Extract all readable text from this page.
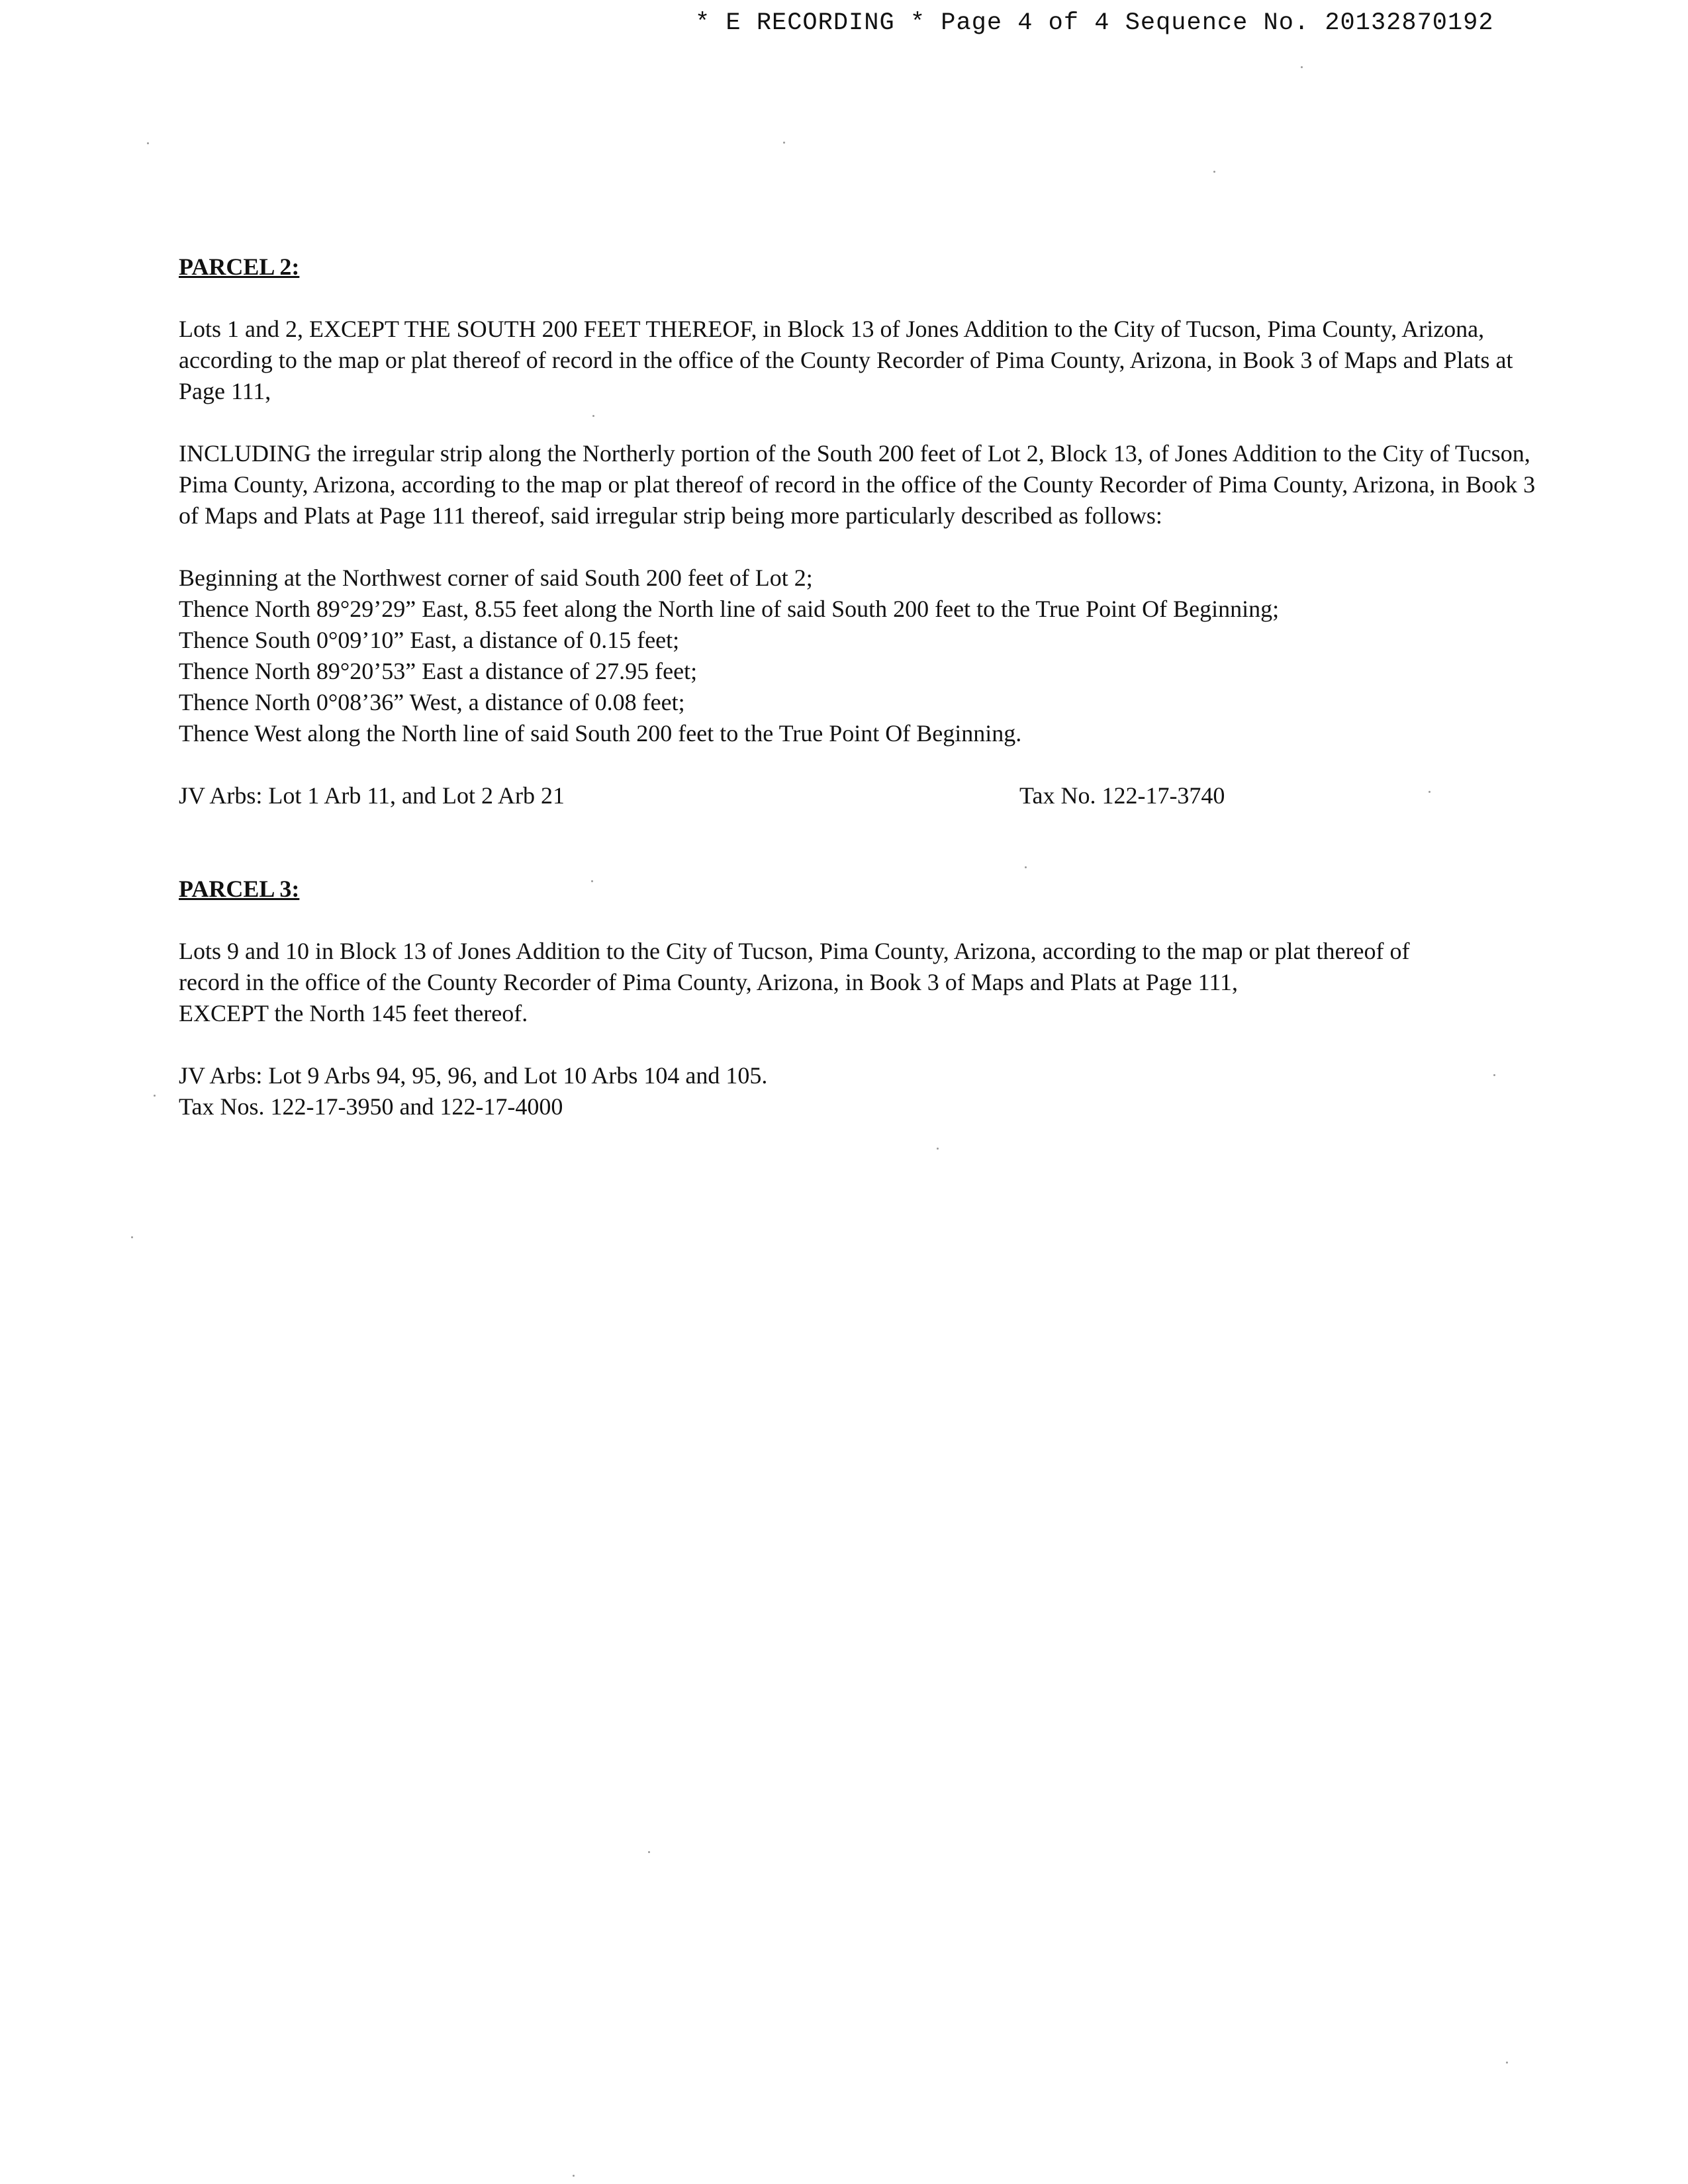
* E RECORDING * Page 4 of 4 Sequence No. 20132870192
PARCEL 2:

Lots 1 and 2, EXCEPT THE SOUTH 200 FEET THEREOF, in Block 13 of Jones Addition to the City of Tucson, Pima County, Arizona, according to the map or plat thereof of record in the office of the County Recorder of Pima County, Arizona, in Book 3 of Maps and Plats at Page 111,

INCLUDING the irregular strip along the Northerly portion of the South 200 feet of Lot 2, Block 13, of Jones Addition to the City of Tucson, Pima County, Arizona, according to the map or plat thereof of record in the office of the County Recorder of Pima County, Arizona, in Book 3 of Maps and Plats at Page 111 thereof, said irregular strip being more particularly described as follows:

Beginning at the Northwest corner of said South 200 feet of Lot 2;
Thence North 89°29’29” East, 8.55 feet along the North line of said South 200 feet to the True Point Of Beginning;
Thence South 0°09’10” East, a distance of 0.15 feet;
Thence North 89°20’53” East a distance of 27.95 feet;
Thence North 0°08’36” West, a distance of 0.08 feet;
Thence West along the North line of said South 200 feet to the True Point Of Beginning.
JV Arbs: Lot 1 Arb 11, and Lot 2 Arb 21	Tax No. 122-17-3740
PARCEL 3:
Lots 9 and 10 in Block 13 of Jones Addition to the City of Tucson, Pima County, Arizona, according to the map or plat thereof of
record in the office of the County Recorder of Pima County, Arizona, in Book 3 of Maps and Plats at Page 111,
EXCEPT the North 145 feet thereof.
JV Arbs: Lot 9 Arbs 94, 95, 96, and Lot 10 Arbs 104 and 105.
Tax Nos. 122-17-3950 and 122-17-4000
